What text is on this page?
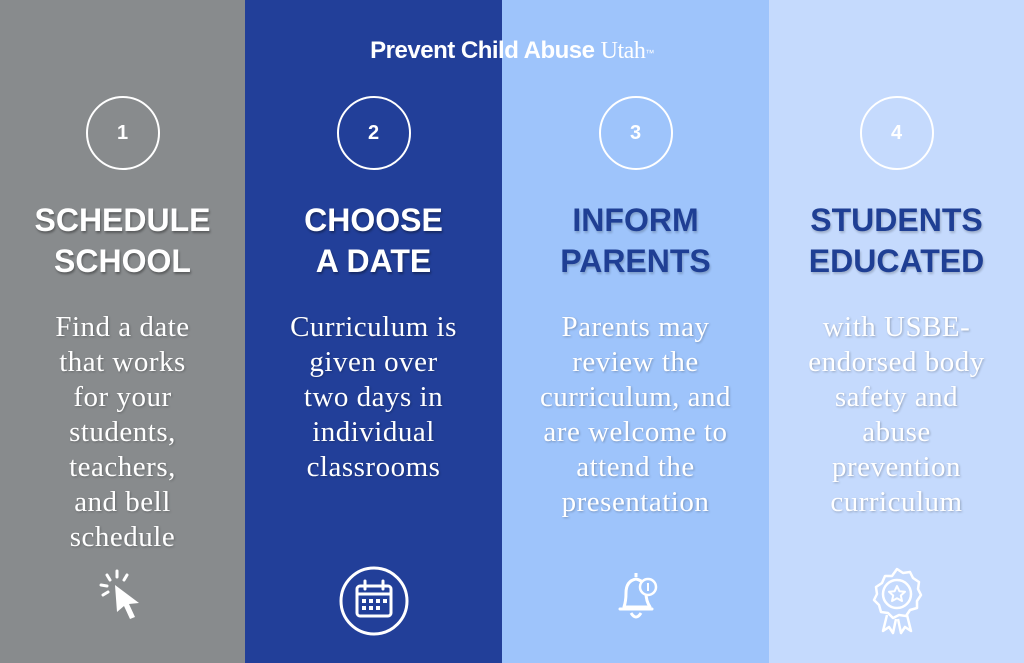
1
SCHEDULE
SCHOOL
Find a date
that works
for your
students,
teachers,
and bell
schedule
2
CHOOSE
A DATE
Curriculum is
given over
two days in
individual
classrooms
3
INFORM
PARENTS
Parents may
review the
curriculum, and
are welcome to
attend the
presentation
4
STUDENTS
EDUCATED
with USBE-
endorsed body
safety and
abuse
prevention
curriculum
Prevent Child Abuse Utah™
